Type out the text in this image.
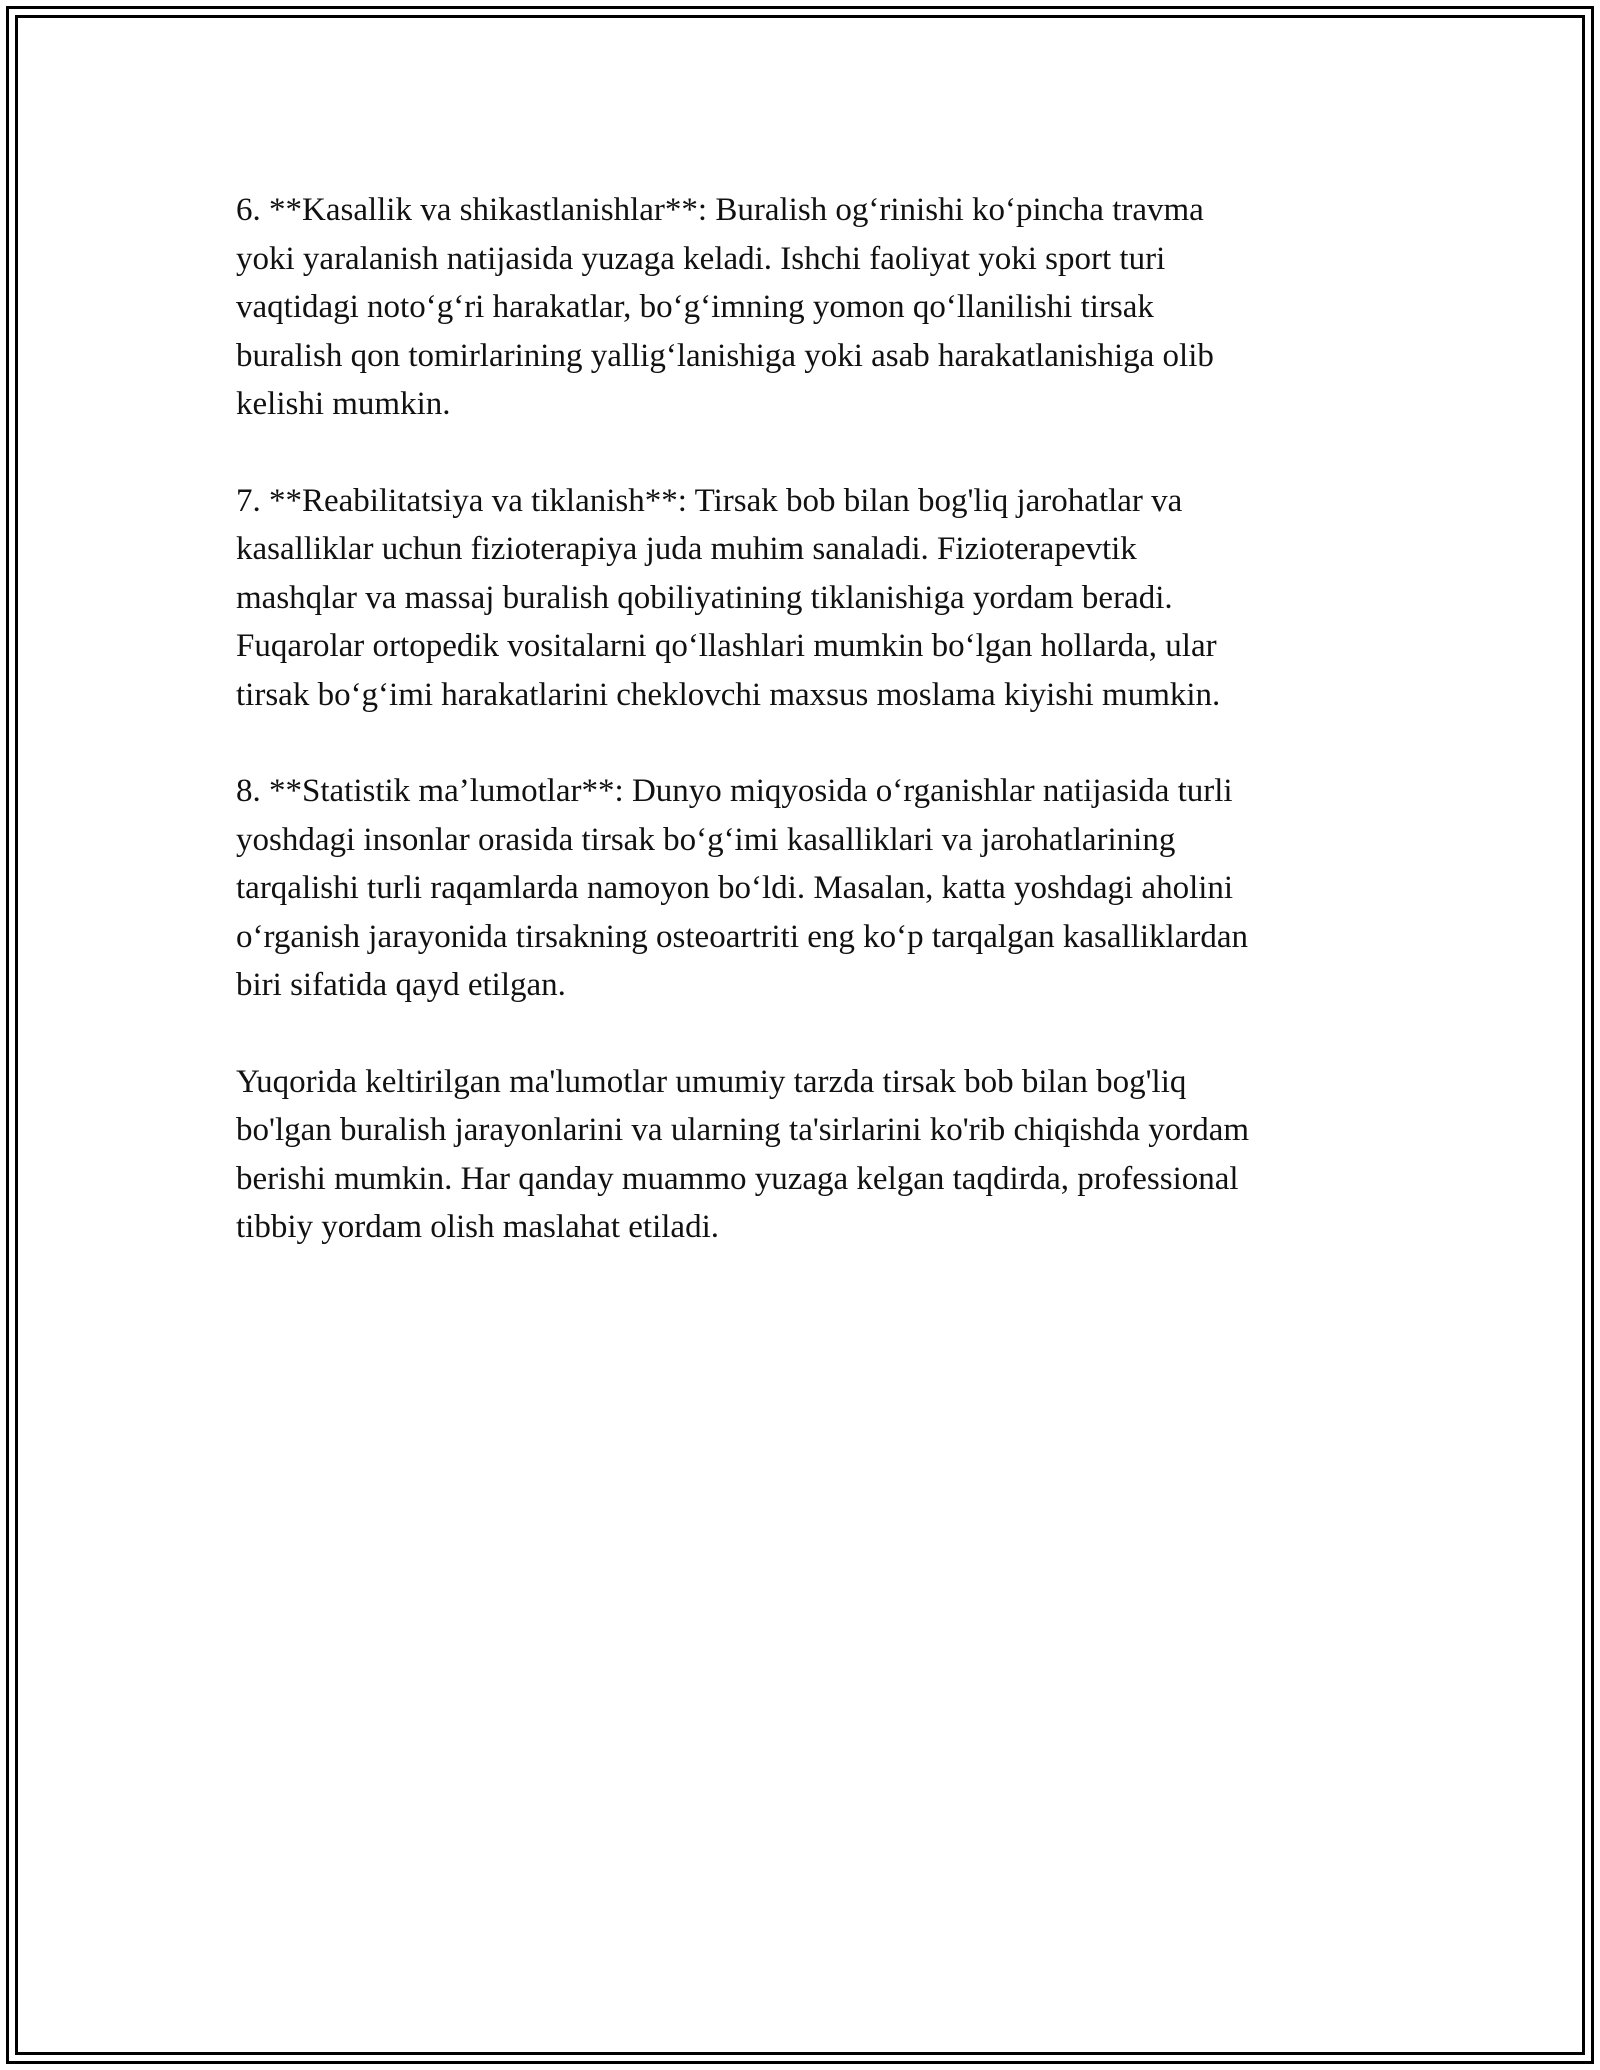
6. **Kasallik va shikastlanishlar**: Buralish og‘rinishi ko‘pincha travma
yoki yaralanish natijasida yuzaga keladi. Ishchi faoliyat yoki sport turi
vaqtidagi noto‘g‘ri harakatlar, bo‘g‘imning yomon qo‘llanilishi tirsak
buralish qon tomirlarining yallig‘lanishiga yoki asab harakatlanishiga olib
kelishi mumkin.

7. **Reabilitatsiya va tiklanish**: Tirsak bob bilan bog'liq jarohatlar va
kasalliklar uchun fizioterapiya juda muhim sanaladi. Fizioterapevtik
mashqlar va massaj buralish qobiliyatining tiklanishiga yordam beradi.
Fuqarolar ortopedik vositalarni qo‘llashlari mumkin bo‘lgan hollarda, ular
tirsak bo‘g‘imi harakatlarini cheklovchi maxsus moslama kiyishi mumkin.

8. **Statistik ma’lumotlar**: Dunyo miqyosida o‘rganishlar natijasida turli
yoshdagi insonlar orasida tirsak bo‘g‘imi kasalliklari va jarohatlarining
tarqalishi turli raqamlarda namoyon bo‘ldi. Masalan, katta yoshdagi aholini
o‘rganish jarayonida tirsakning osteoartriti eng ko‘p tarqalgan kasalliklardan
biri sifatida qayd etilgan.

Yuqorida keltirilgan ma'lumotlar umumiy tarzda tirsak bob bilan bog'liq
bo'lgan buralish jarayonlarini va ularning ta'sirlarini ko'rib chiqishda yordam
berishi mumkin. Har qanday muammo yuzaga kelgan taqdirda, professional
tibbiy yordam olish maslahat etiladi.
